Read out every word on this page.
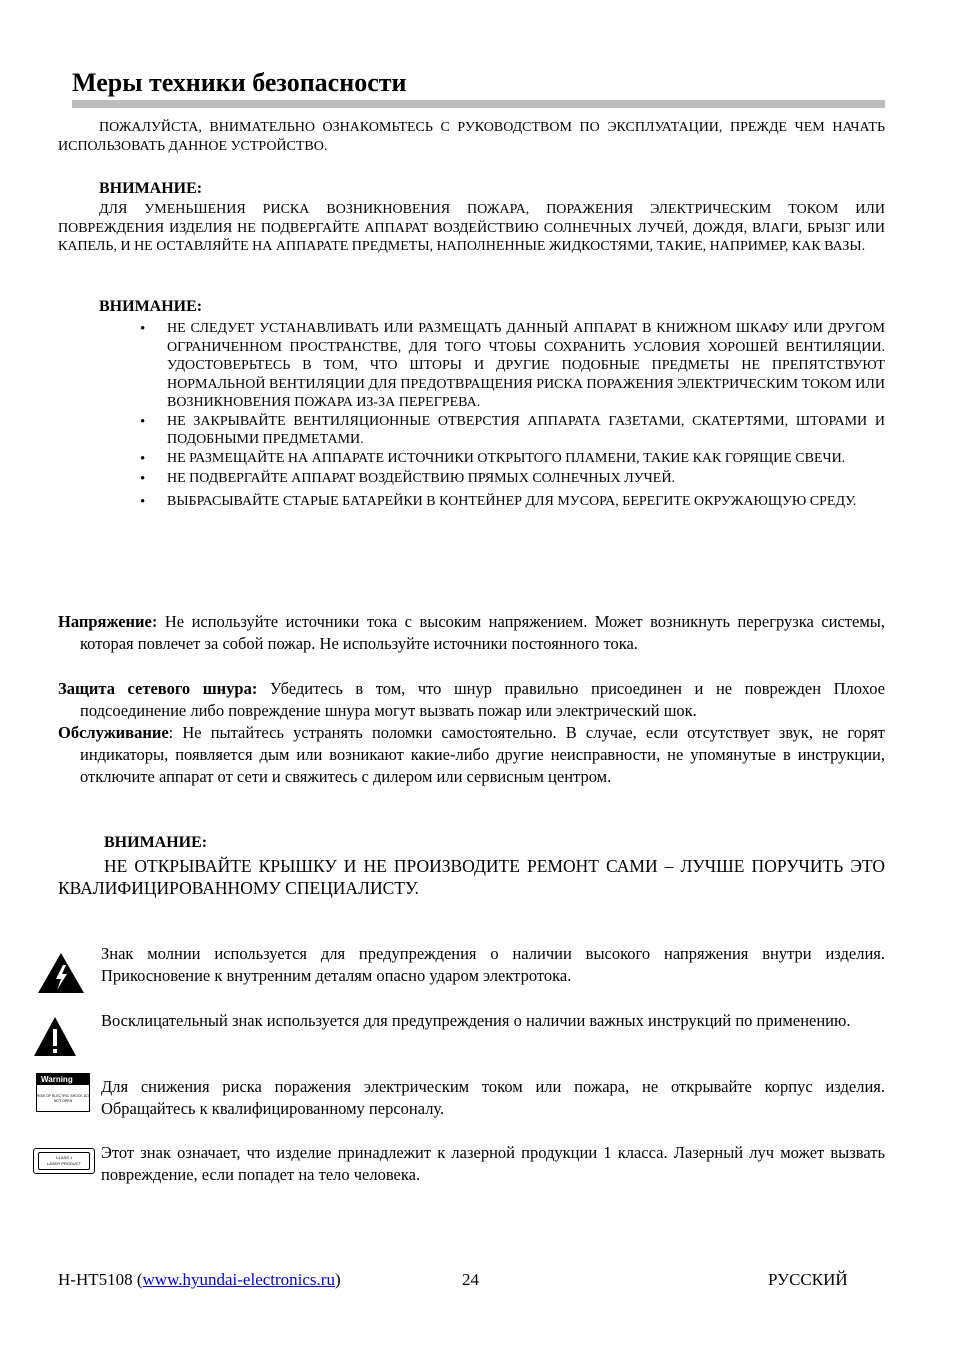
Меры техники безопасности
ПОЖАЛУЙСТА, ВНИМАТЕЛЬНО ОЗНАКОМЬТЕСЬ С РУКОВОДСТВОМ ПО ЭКСПЛУАТАЦИИ, ПРЕЖДЕ ЧЕМ НАЧАТЬ ИСПОЛЬЗОВАТЬ ДАННОЕ УСТРОЙСТВО.
ВНИМАНИЕ:
ДЛЯ УМЕНЬШЕНИЯ РИСКА ВОЗНИКНОВЕНИЯ ПОЖАРА, ПОРАЖЕНИЯ ЭЛЕКТРИЧЕСКИМ ТОКОМ ИЛИ ПОВРЕЖДЕНИЯ ИЗДЕЛИЯ НЕ ПОДВЕРГАЙТЕ АППАРАТ ВОЗДЕЙСТВИЮ СОЛНЕЧНЫХ ЛУЧЕЙ, ДОЖДЯ, ВЛАГИ, БРЫЗГ ИЛИ КАПЕЛЬ, И НЕ ОСТАВЛЯЙТЕ НА АППАРАТЕ ПРЕДМЕТЫ, НАПОЛНЕННЫЕ ЖИДКОСТЯМИ, ТАКИЕ, НАПРИМЕР, КАК ВАЗЫ.
ВНИМАНИЕ:
• НЕ СЛЕДУЕТ УСТАНАВЛИВАТЬ ИЛИ РАЗМЕЩАТЬ ДАННЫЙ АППАРАТ В КНИЖНОМ ШКАФУ ИЛИ ДРУГОМ ОГРАНИЧЕННОМ ПРОСТРАНСТВЕ, ДЛЯ ТОГО ЧТОБЫ СОХРАНИТЬ УСЛОВИЯ ХОРОШЕЙ ВЕНТИЛЯЦИИ. УДОСТОВЕРЬТЕСЬ В ТОМ, ЧТО ШТОРЫ И ДРУГИЕ ПОДОБНЫЕ ПРЕДМЕТЫ НЕ ПРЕПЯТСТВУЮТ НОРМАЛЬНОЙ ВЕНТИЛЯЦИИ ДЛЯ ПРЕДОТВРАЩЕНИЯ РИСКА ПОРАЖЕНИЯ ЭЛЕКТРИЧЕСКИМ ТОКОМ ИЛИ ВОЗНИКНОВЕНИЯ ПОЖАРА ИЗ-ЗА ПЕРЕГРЕВА.
• НЕ ЗАКРЫВАЙТЕ ВЕНТИЛЯЦИОННЫЕ ОТВЕРСТИЯ АППАРАТА ГАЗЕТАМИ, СКАТЕРТЯМИ, ШТОРАМИ И ПОДОБНЫМИ ПРЕДМЕТАМИ.
• НЕ РАЗМЕЩАЙТЕ НА АППАРАТЕ ИСТОЧНИКИ ОТКРЫТОГО ПЛАМЕНИ, ТАКИЕ КАК ГОРЯЩИЕ СВЕЧИ.
• НЕ ПОДВЕРГАЙТЕ АППАРАТ ВОЗДЕЙСТВИЮ ПРЯМЫХ СОЛНЕЧНЫХ ЛУЧЕЙ.
• ВЫБРАСЫВАЙТЕ СТАРЫЕ БАТАРЕЙКИ В КОНТЕЙНЕР ДЛЯ МУСОРА, БЕРЕГИТЕ ОКРУЖАЮЩУЮ СРЕДУ.
Напряжение: Не используйте источники тока с высоким напряжением. Может возникнуть перегрузка системы, которая повлечет за собой пожар. Не используйте источники постоянного тока.
Защита сетевого шнура: Убедитесь в том, что шнур правильно присоединен и не поврежден Плохое подсоединение либо повреждение шнура могут вызвать пожар или электрический шок.
Обслуживание: Не пытайтесь устранять поломки самостоятельно. В случае, если отсутствует звук, не горят индикаторы, появляется дым или возникают какие-либо другие неисправности, не упомянутые в инструкции, отключите аппарат от сети и свяжитесь с дилером или сервисным центром.
ВНИМАНИЕ:
НЕ ОТКРЫВАЙТЕ КРЫШКУ И НЕ ПРОИЗВОДИТЕ РЕМОНТ САМИ – ЛУЧШЕ ПОРУЧИТЬ ЭТО КВАЛИФИЦИРОВАННОМУ СПЕЦИАЛИСТУ.
Знак молнии используется для предупреждения о наличии высокого напряжения внутри изделия. Прикосновение к внутренним деталям опасно ударом электротока.
Восклицательный знак используется для предупреждения о наличии важных инструкций по применению.
Warning
RISK OF ELECTRIC SHOCK DO NOT OPEN
Для снижения риска поражения электрическим током или пожара, не открывайте корпус изделия. Обращайтесь к квалифицированному персоналу.
CLASS 1
LASER PRODUCT
Этот знак означает, что изделие принадлежит к лазерной продукции 1 класса. Лазерный луч может вызвать повреждение, если попадет на тело человека.
H-HT5108 (www.hyundai-electronics.ru)	24	РУССКИЙ
